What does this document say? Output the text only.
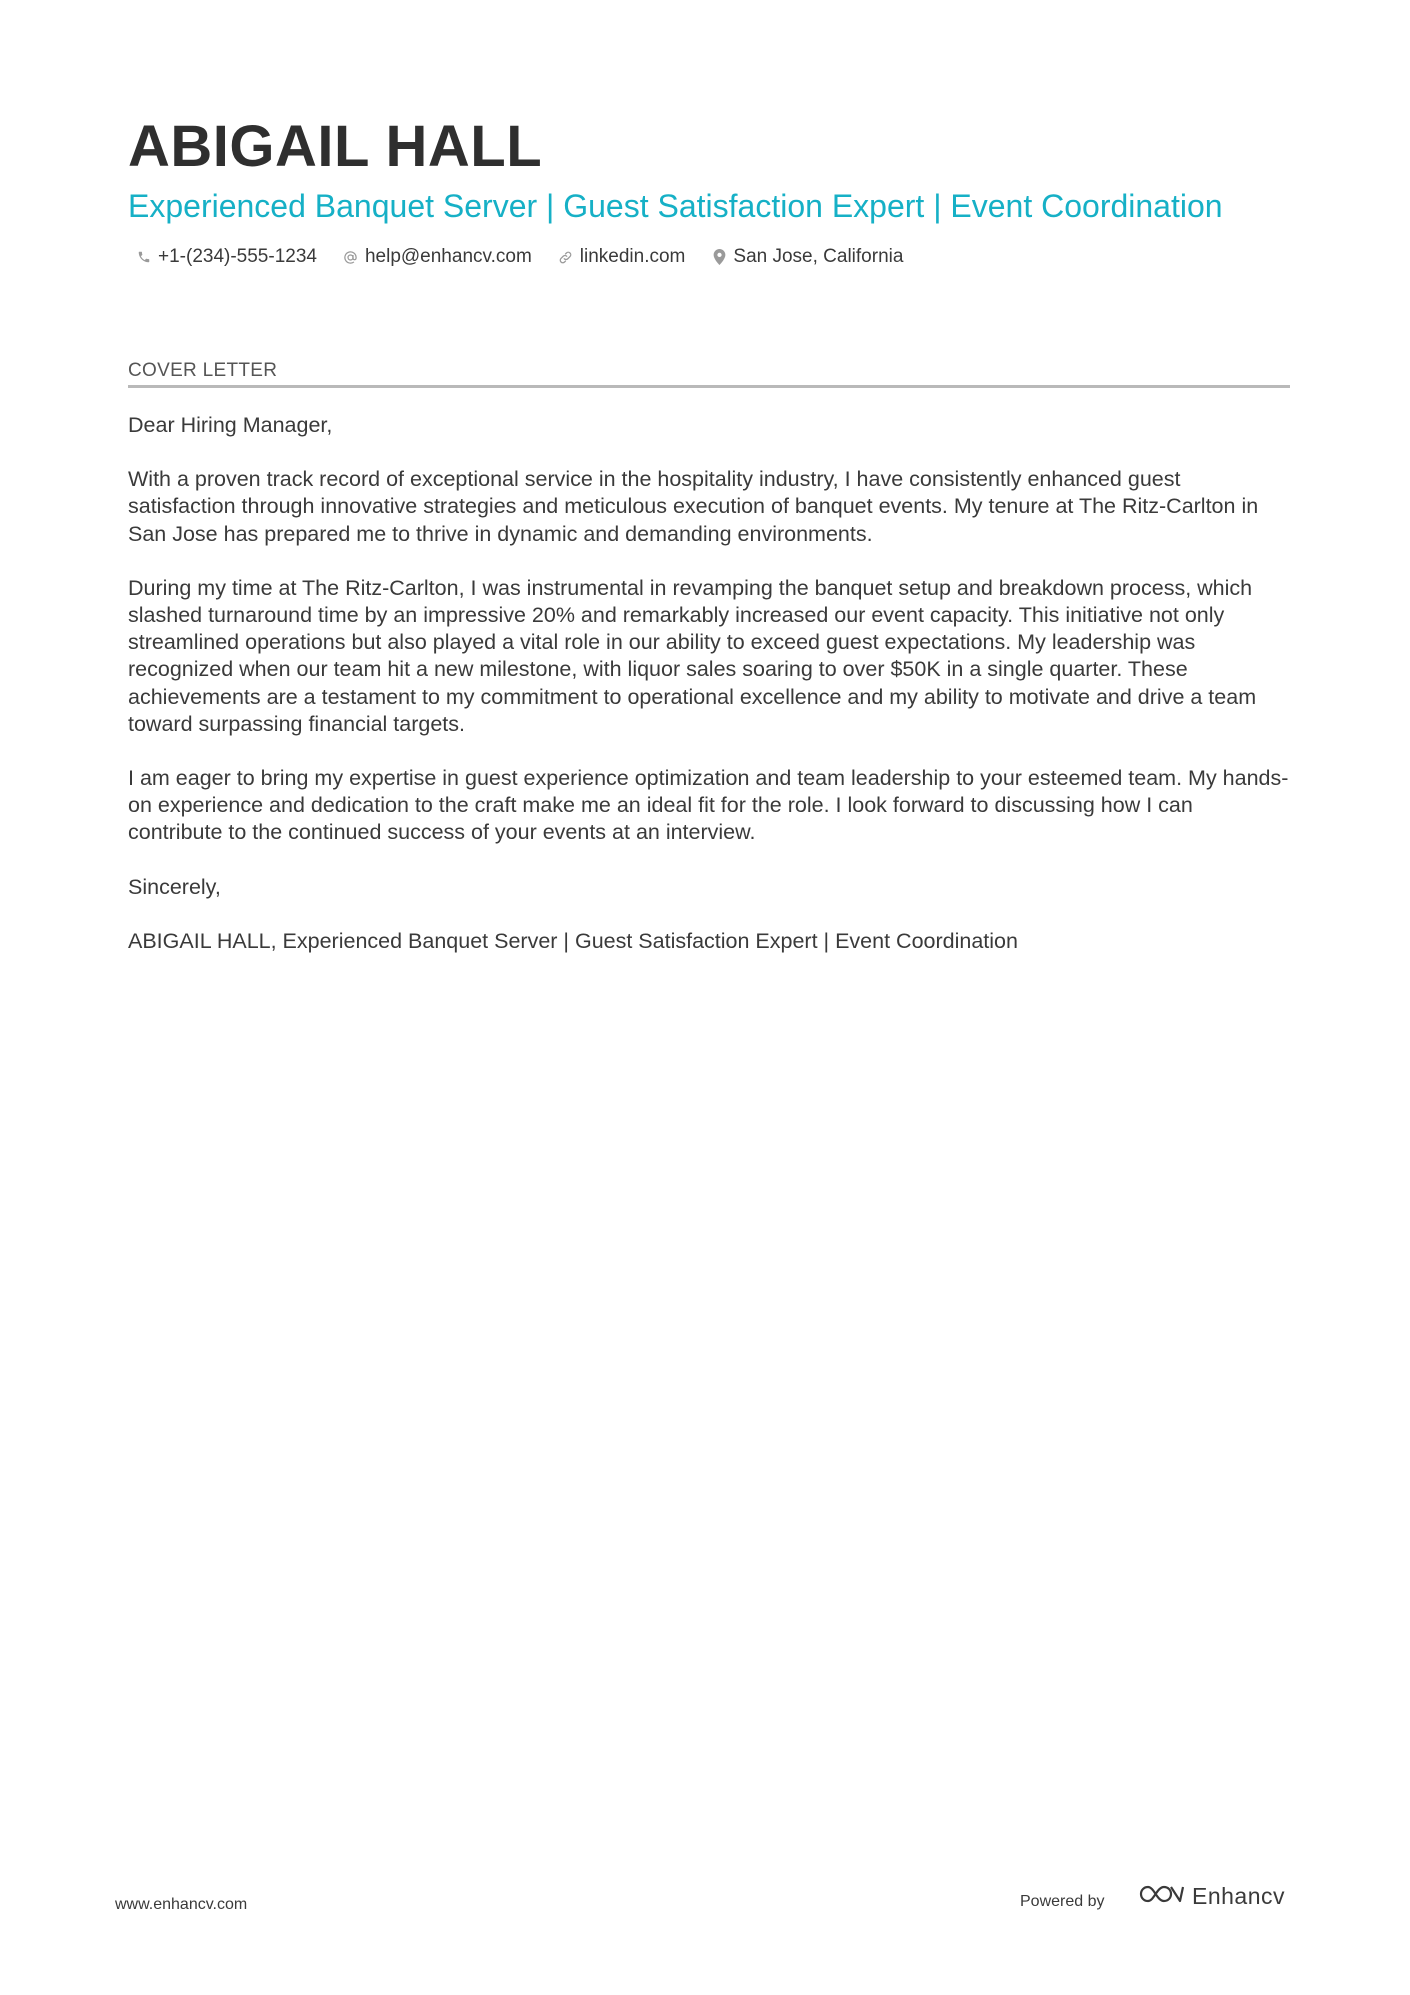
ABIGAIL HALL
Experienced Banquet Server | Guest Satisfaction Expert | Event Coordination
+1-(234)-555-1234	help@enhancv.com	linkedin.com	San Jose, California
COVER LETTER

Dear Hiring Manager,

With a proven track record of exceptional service in the hospitality industry, I have consistently enhanced guest satisfaction through innovative strategies and meticulous execution of banquet events. My tenure at The Ritz-Carlton in San Jose has prepared me to thrive in dynamic and demanding environments.

During my time at The Ritz-Carlton, I was instrumental in revamping the banquet setup and breakdown process, which slashed turnaround time by an impressive 20% and remarkably increased our event capacity. This initiative not only streamlined operations but also played a vital role in our ability to exceed guest expectations. My leadership was recognized when our team hit a new milestone, with liquor sales soaring to over $50K in a single quarter. These achievements are a testament to my commitment to operational excellence and my ability to motivate and drive a team toward surpassing financial targets.

I am eager to bring my expertise in guest experience optimization and team leadership to your esteemed team. My hands-on experience and dedication to the craft make me an ideal fit for the role. I look forward to discussing how I can contribute to the continued success of your events at an interview.

Sincerely,

ABIGAIL HALL, Experienced Banquet Server | Guest Satisfaction Expert | Event Coordination

www.enhancv.com	Powered by	Enhancv
